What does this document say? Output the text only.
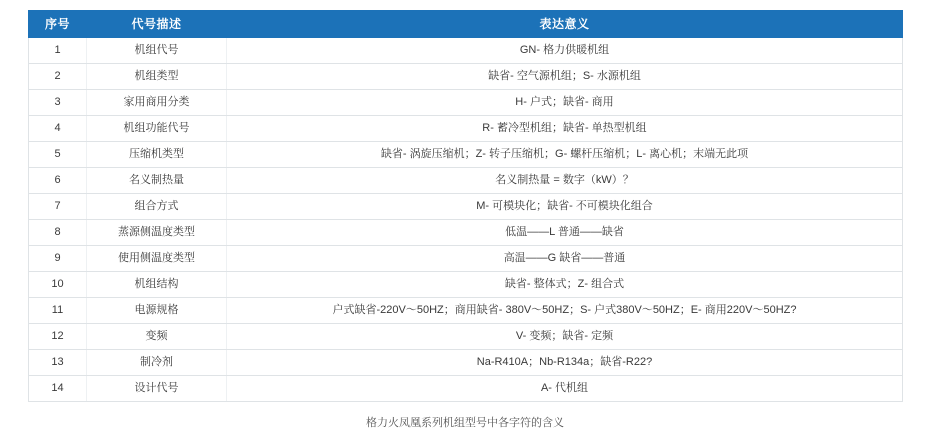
序号	代号描述	表达意义
1	机组代号	GN- 格力供暖机组
2	机组类型	缺省- 空气源机组；S- 水源机组
3	家用商用分类	H- 户式；缺省- 商用
4	机组功能代号	R- 蓄冷型机组；缺省- 单热型机组
5	压缩机类型	缺省- 涡旋压缩机；Z- 转子压缩机；G- 螺杆压缩机；L- 离心机；末端无此项
6	名义制热量	名义制热量 = 数字（kW）？
7	组合方式	M- 可模块化；缺省- 不可模块化组合
8	蒸源侧温度类型	低温——L 普通——缺省
9	使用侧温度类型	高温——G 缺省——普通
10	机组结构	缺省- 整体式；Z- 组合式
11	电源规格	户式缺省-220V～50HZ；商用缺省- 380V～50HZ；S- 户式380V～50HZ；E- 商用220V～50HZ?
12	变频	V- 变频；缺省- 定频
13	制冷剂	Na-R410A；Nb-R134a；缺省-R22?
14	设计代号	A- 代机组
格力火凤凰系列机组型号中各字符的含义
